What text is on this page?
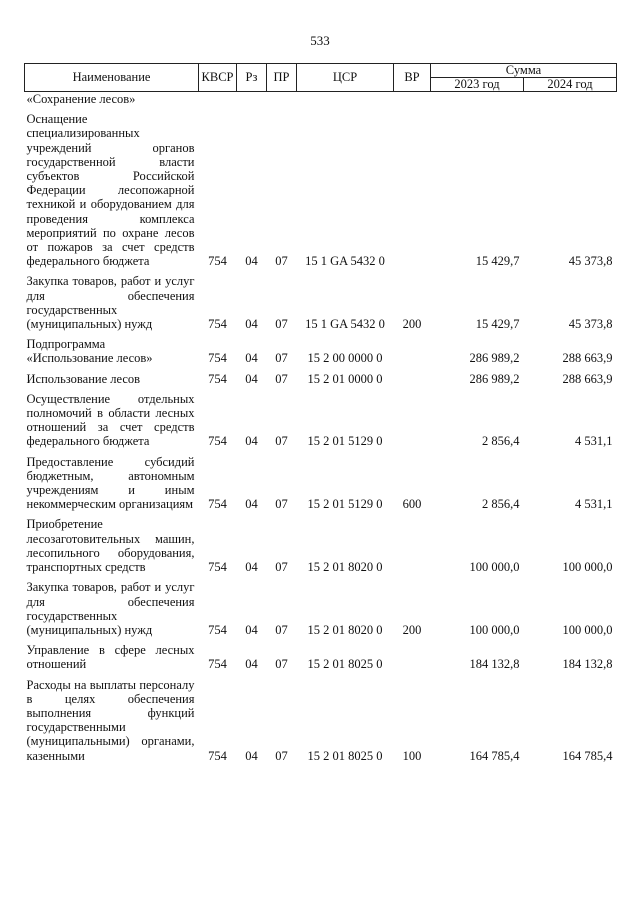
533
Наименование	КВСР	Рз	ПР	ЦСР	ВР	Сумма	
						2023 год	2024 год
«Сохранение лесов»							

Оснащение специализированных учреждений органов государственной власти субъектов Российской Федерации лесопожарной техникой и оборудованием для проведения комплекса мероприятий по охране лесов от пожаров за счет средств федерального бюджета	754	04	07	15 1 GA 5432 0		15 429,7	45 373,8

Закупка товаров, работ и услуг для обеспечения государственных (муниципальных) нужд	754	04	07	15 1 GA 5432 0	200	15 429,7	45 373,8

Подпрограмма «Использование лесов»	754	04	07	15 2 00 0000 0		286 989,2	288 663,9

Использование лесов	754	04	07	15 2 01 0000 0		286 989,2	288 663,9

Осуществление отдельных полномочий в области лесных отношений за счет средств федерального бюджета	754	04	07	15 2 01 5129 0		2 856,4	4 531,1

Предоставление субсидий бюджетным, автономным учреждениям и иным некоммерческим организациям	754	04	07	15 2 01 5129 0	600	2 856,4	4 531,1

Приобретение лесозаготовительных машин, лесопильного оборудования, транспортных средств	754	04	07	15 2 01 8020 0		100 000,0	100 000,0

Закупка товаров, работ и услуг для обеспечения государственных (муниципальных) нужд	754	04	07	15 2 01 8020 0	200	100 000,0	100 000,0

Управление в сфере лесных отношений	754	04	07	15 2 01 8025 0		184 132,8	184 132,8

Расходы на выплаты персоналу в целях обеспечения выполнения функций государственными (муниципальными) органами, казенными	754	04	07	15 2 01 8025 0	100	164 785,4	164 785,4
